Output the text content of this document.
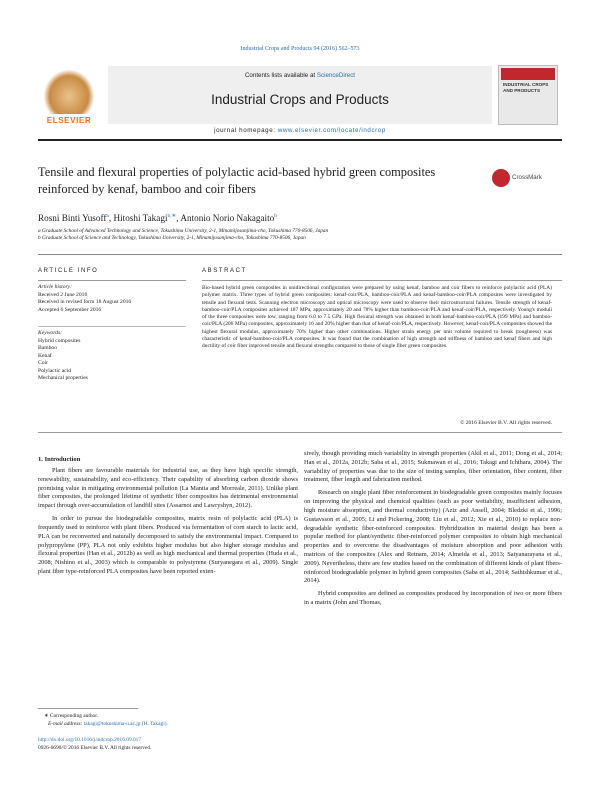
Industrial Crops and Products 94 (2016) 562–573
ELSEVIER
Contents lists available at ScienceDirect
Industrial Crops and Products
journal homepage: www.elsevier.com/locate/indcrop
INDUSTRIAL CROPS AND PRODUCTS
Tensile and flexural properties of polylactic acid-based hybrid green composites reinforced by kenaf, bamboo and coir fibers
CrossMark
Rosni Binti Yusoff$^a$, Hitoshi Takagi$^{b,∗}$, Antonio Norio Nakagaito$^b$
a Graduate School of Advanced Technology and Science, Tokushima University, 2-1, Minamijosanjima-cho, Tokushima 770-8506, Japan
b Graduate School of Science and Technology, Tokushima University, 2-1, Minamijosanjima-cho, Tokushima 770-8506, Japan
ARTICLE INFO	ABSTRACT
Article history:
Received 2 June 2016
Received in revised form 18 August 2016
Accepted 6 September 2016
Keywords:
Hybrid composites
Bamboo
Kenaf
Coir
Polylactic acid
Mechanical properties
Bio-based hybrid green composites in unidirectional configuration were prepared by using kenaf, bamboo and coir fibers to reinforce polylactic acid (PLA) polymer matrix. Three types of hybrid green composites: kenaf-coir/PLA, bamboo-coir/PLA and kenaf-bamboo-coir/PLA composites were investigated by tensile and flexural tests. Scanning electron microscopy and optical microscopy were used to observe their microstructural failures. Tensile strength of kenaf-bamboo-coir/PLA composites achieved 187 MPa, approximately 20 and 78% higher than bamboo-coir/PLA and kenaf-coir/PLA, respectively. Young's moduli of the three composites were low, ranging from 6.0 to 7.5 GPa. High flexural strength was obtained in both kenaf-bamboo-coir/PLA (199 MPa) and bamboo-coir/PLA (206 MPa) composites, approximately 16 and 20% higher than that of kenaf-coir/PLA, respectively. However, kenaf-coir/PLA composites showed the highest flexural modulus, approximately 70% higher than other combinations. Higher strain energy per unit volume required to break (toughness) was characteristic of kenaf-bamboo-coir/PLA composites. It was found that the combination of high strength and stiffness of bamboo and kenaf fibers and high ductility of coir fiber improved tensile and flexural strengths compared to those of single fiber green composites.
© 2016 Elsevier B.V. All rights reserved.
1. Introduction

Plant fibers are favourable materials for industrial use, as they have high specific strength, renewability, sustainability, and eco-efficiency. Their capability of absorbing carbon dioxide shows promising value in mitigating environmental pollution (La Mantia and Morreale, 2011). Unlike plant fiber composites, the prolonged lifetime of synthetic fiber composites has detrimental environmental impact through over-accumulation of landfill sites (Assarnoi and Lawryshyn, 2012).

In order to pursue the biodegradable composites, matrix resin of polylactic acid (PLA) is frequently used to reinforce with plant fibers. Produced via fermentation of corn starch to lactic acid, PLA can be reconverted and naturally decomposed to satisfy the environmental impact. Compared to polypropylene (PP), PLA not only exhibits higher modulus but also higher storage modulus and flexural properties (Han et al., 2012b) as well as high mechanical and thermal properties (Huda et al., 2008; Nishino et al., 2003) which is comparable to polystyrene (Suryanegara et al., 2009). Single plant fiber type-reinforced PLA composites have been reported exten-

sively, though providing much variability in strength properties (Akil et al., 2011; Dong et al., 2014; Han et al., 2012a, 2012b; Saba et al., 2015; Sukmawan et al., 2016; Takagi and Ichihara, 2004). The variability of properties was due to the size of testing samples, fiber orientation, fiber content, fiber treatment, fiber length and fabrication method.

Research on single plant fiber reinforcement in biodegradable green composites mainly focuses on improving the physical and chemical qualities (such as poor wettability, insufficient adhesion, high moisture absorption, and thermal conductivity) (Aziz and Ansell, 2004; Bledzki et al., 1996; Gustavsson et al., 2005; Li and Pickering, 2008; Liu et al., 2012; Xie et al., 2010) to replace non-degradable synthetic fiber-reinforced composites. Hybridization in material design has been a popular method for plant/synthetic fiber-reinforced polymer composites to obtain high mechanical properties and to overcome the disadvantages of moisture absorption and poor adhesion with matrices of the composites (Alex and Retnam, 2014; Almeida et al., 2013; Satyanarayana et al., 2009). Nevertheless, there are few studies based on the combination of different kinds of plant fibers-reinforced biodegradable polymer in hybrid green composites (Saba et al., 2014; Sathishkumar et al., 2014).

Hybrid composites are defined as composites produced by incorporation of two or more fibers in a matrix (John and Thomas,

∗ Corresponding author.
E-mail address: takagi@tokushima-u.ac.jp (H. Takagi).
http://dx.doi.org/10.1016/j.indcrop.2016.09.017
0926-6690/© 2016 Elsevier B.V. All rights reserved.
